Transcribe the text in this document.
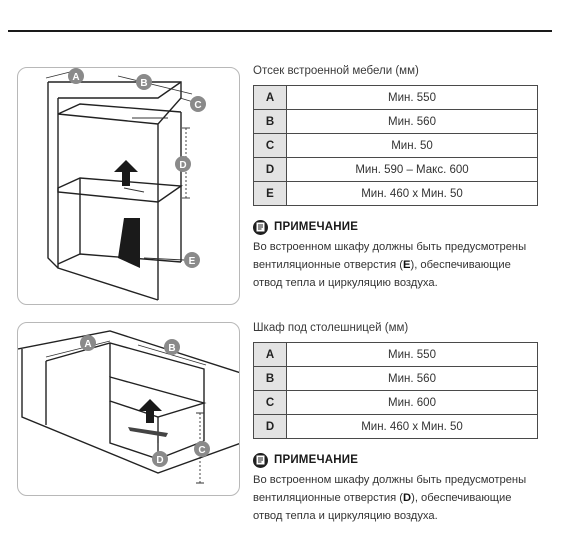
A
B
C
D
E
A	B
C
D
Отсек встроенной мебели (мм)
A	Мин. 550
B	Мин. 560
C	Мин. 50
D	Мин. 590 – Макс. 600
E	Мин. 460 x Мин. 50
ПРИМЕЧАНИЕ
Во встроенном шкафу должны быть предусмотрены вентиляционные отверстия (E), обеспечивающие отвод тепла и циркуляцию воздуха.
Шкаф под столешницей (мм)
A	Мин. 550
B	Мин. 560
C	Мин. 600
D	Мин. 460 x Мин. 50
ПРИМЕЧАНИЕ
Во встроенном шкафу должны быть предусмотрены вентиляционные отверстия (D), обеспечивающие отвод тепла и циркуляцию воздуха.
